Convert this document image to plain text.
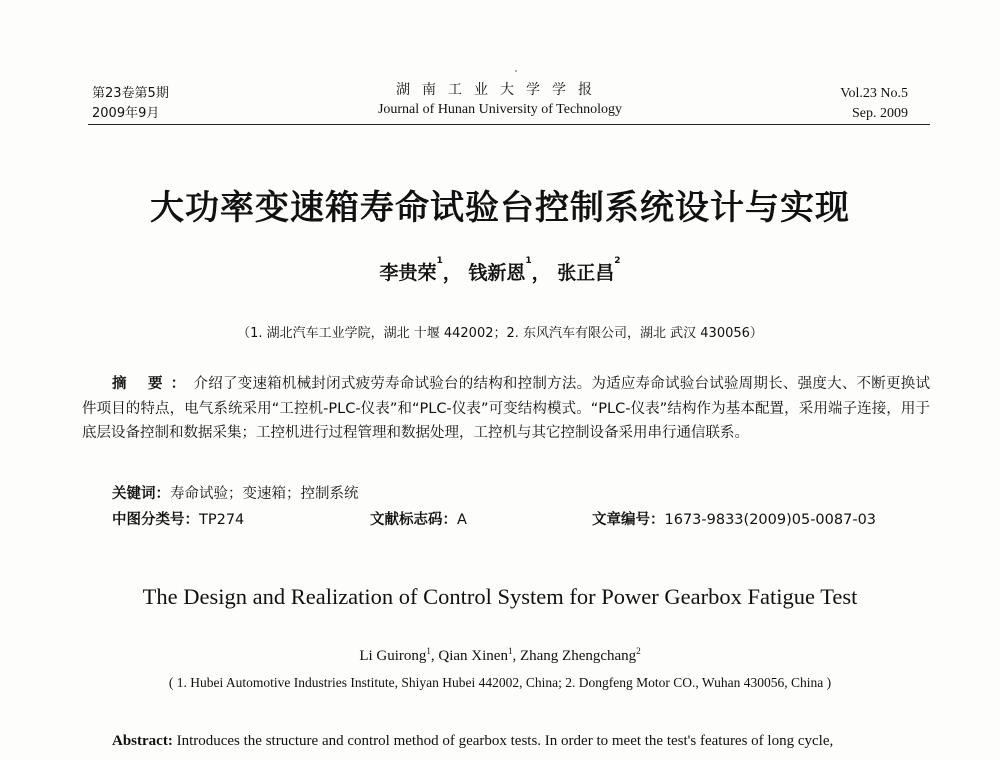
第23卷第5期
2009年9月
湖南工业大学学报
Journal of Hunan University of Technology
Vol.23 No.5
Sep. 2009
大功率变速箱寿命试验台控制系统设计与实现
李贵荣$^1$， 钱新恩$^1$， 张正昌$^2$
（1. 湖北汽车工业学院，湖北 十堰 442002；2. 东风汽车有限公司，湖北 武汉 430056）
摘 要：介绍了变速箱机械封闭式疲劳寿命试验台的结构和控制方法。为适应寿命试验台试验周期长、强度大、不断更换试件项目的特点，电气系统采用“工控机-PLC-仪表”和“PLC-仪表”可变结构模式。“PLC-仪表”结构作为基本配置，采用端子连接，用于底层设备控制和数据采集；工控机进行过程管理和数据处理，工控机与其它控制设备采用串行通信联系。
关键词：寿命试验；变速箱；控制系统
中图分类号：TP274	文献标志码：A	文章编号：1673-9833(2009)05-0087-03
The Design and Realization of Control System for Power Gearbox Fatigue Test
Li Guirong$^1$, Qian Xinen$^1$, Zhang Zhengchang$^2$
( 1. Hubei Automotive Industries Institute, Shiyan Hubei 442002, China; 2. Dongfeng Motor CO., Wuhan 430056, China )
Abstract: Introduces the structure and control method of gearbox tests. In order to meet the test's features of long cycle,
